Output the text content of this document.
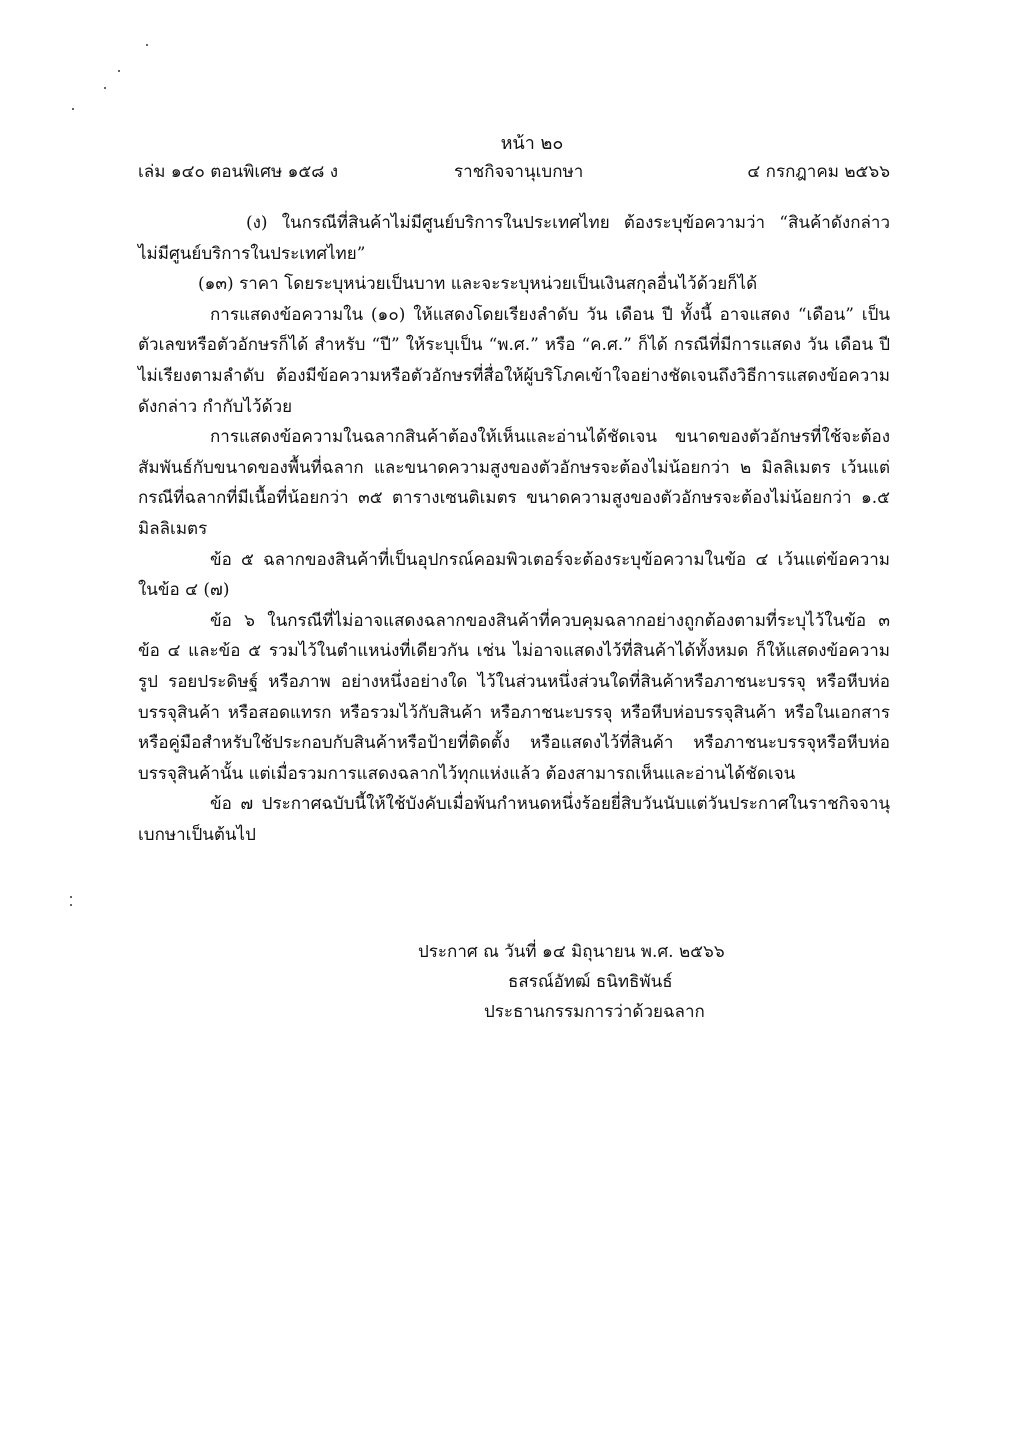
หน้า ๒๐
เล่ม ๑๔๐ ตอนพิเศษ ๑๕๘ ง	ราชกิจจานุเบกษา	๔ กรกฎาคม ๒๕๖๖

(ง) ในกรณีที่สินค้าไม่มีศูนย์บริการในประเทศไทย ต้องระบุข้อความว่า “สินค้าดังกล่าวไม่มีศูนย์บริการในประเทศไทย”

(๑๓) ราคา โดยระบุหน่วยเป็นบาท และจะระบุหน่วยเป็นเงินสกุลอื่นไว้ด้วยก็ได้

การแสดงข้อความใน (๑๐) ให้แสดงโดยเรียงลำดับ วัน เดือน ปี ทั้งนี้ อาจแสดง “เดือน” เป็นตัวเลขหรือตัวอักษรก็ได้ สำหรับ “ปี” ให้ระบุเป็น “พ.ศ.” หรือ “ค.ศ.” ก็ได้ กรณีที่มีการแสดง วัน เดือน ปี ไม่เรียงตามลำดับ ต้องมีข้อความหรือตัวอักษรที่สื่อให้ผู้บริโภคเข้าใจอย่างชัดเจนถึงวิธีการแสดงข้อความดังกล่าว กำกับไว้ด้วย

การแสดงข้อความในฉลากสินค้าต้องให้เห็นและอ่านได้ชัดเจน ขนาดของตัวอักษรที่ใช้จะต้องสัมพันธ์กับขนาดของพื้นที่ฉลาก และขนาดความสูงของตัวอักษรจะต้องไม่น้อยกว่า ๒ มิลลิเมตร เว้นแต่กรณีที่ฉลากที่มีเนื้อที่น้อยกว่า ๓๕ ตารางเซนติเมตร ขนาดความสูงของตัวอักษรจะต้องไม่น้อยกว่า ๑.๕ มิลลิเมตร

ข้อ ๕ ฉลากของสินค้าที่เป็นอุปกรณ์คอมพิวเตอร์จะต้องระบุข้อความในข้อ ๔ เว้นแต่ข้อความในข้อ ๔ (๗)

ข้อ ๖ ในกรณีที่ไม่อาจแสดงฉลากของสินค้าที่ควบคุมฉลากอย่างถูกต้องตามที่ระบุไว้ในข้อ ๓ ข้อ ๔ และข้อ ๕ รวมไว้ในตำแหน่งที่เดียวกัน เช่น ไม่อาจแสดงไว้ที่สินค้าได้ทั้งหมด ก็ให้แสดงข้อความ รูป รอยประดิษฐ์ หรือภาพ อย่างหนึ่งอย่างใด ไว้ในส่วนหนึ่งส่วนใดที่สินค้าหรือภาชนะบรรจุ หรือหีบห่อบรรจุสินค้า หรือสอดแทรก หรือรวมไว้กับสินค้า หรือภาชนะบรรจุ หรือหีบห่อบรรจุสินค้า หรือในเอกสาร หรือคู่มือสำหรับใช้ประกอบกับสินค้าหรือป้ายที่ติดตั้ง หรือแสดงไว้ที่สินค้า หรือภาชนะบรรจุหรือหีบห่อบรรจุสินค้านั้น แต่เมื่อรวมการแสดงฉลากไว้ทุกแห่งแล้ว ต้องสามารถเห็นและอ่านได้ชัดเจน

ข้อ ๗ ประกาศฉบับนี้ให้ใช้บังคับเมื่อพ้นกำหนดหนึ่งร้อยยี่สิบวันนับแต่วันประกาศในราชกิจจานุเบกษาเป็นต้นไป

ประกาศ ณ วันที่ ๑๔ มิถุนายน พ.ศ. ๒๕๖๖
ธสรณ์อัทฒ์ ธนิทธิพันธ์
ประธานกรรมการว่าด้วยฉลาก
